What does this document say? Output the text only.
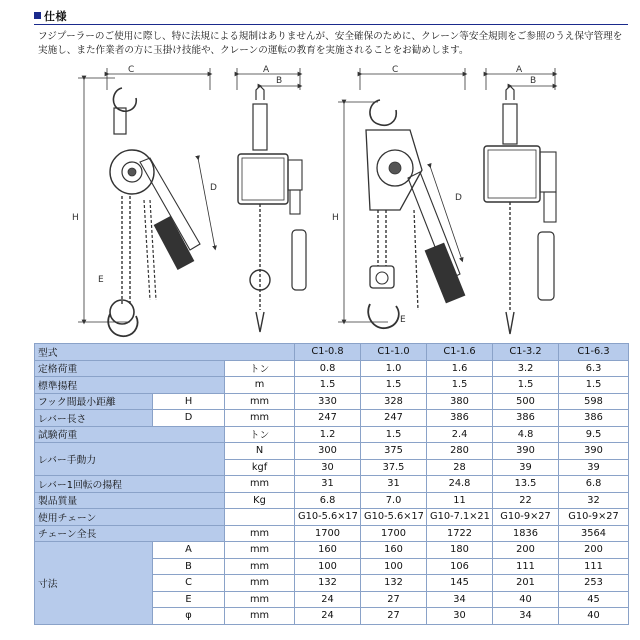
仕様
フジプーラーのご使用に際し、特に法規による規制はありませんが、安全確保のために、クレーン等安全規則をご参照のうえ保守管理を実施し、また作業者の方に玉掛け技能や、クレーンの運転の教育を実施されることをお勧めします。
C
H
D
E
A
B
C
H
D
E
A
B
型式			C1-0.8	C1-1.0	C1-1.6	C1-3.2	C1-6.3
定格荷重		トン	0.8	1.0	1.6	3.2	6.3
標準揚程		m	1.5	1.5	1.5	1.5	1.5
フック間最小距離	H	mm	330	328	380	500	598
レバー長さ	D	mm	247	247	386	386	386
試験荷重		トン	1.2	1.5	2.4	4.8	9.5
レバー手動力		N	300	375	280	390	390
		kgf	30	37.5	28	39	39
レバー1回転の揚程		mm	31	31	24.8	13.5	6.8
製品質量		Kg	6.8	7.0	11	22	32
使用チェーン			G10-5.6×17	G10-5.6×17	G10-7.1×21	G10-9×27	G10-9×27
チェーン全長		mm	1700	1700	1722	1836	3564
寸法	A	mm	160	160	180	200	200
	B	mm	100	100	106	111	111
	C	mm	132	132	145	201	253
	E	mm	24	27	34	40	45
	φ	mm	24	27	30	34	40
